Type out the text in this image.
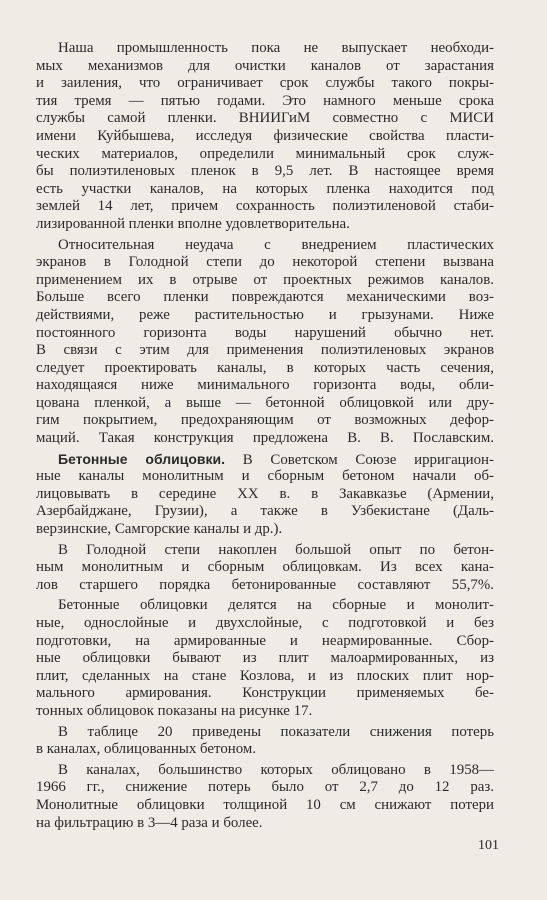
Наша промышленность пока не выпускает необходи-
мых механизмов для очистки каналов от зарастания
и заиления, что ограничивает срок службы такого покры-
тия тремя — пятью годами. Это намного меньше срока
службы самой пленки. ВНИИГиМ совместно с МИСИ
имени Куйбышева, исследуя физические свойства пласти-
ческих материалов, определили минимальный срок служ-
бы полиэтиленовых пленок в 9,5 лет. В настоящее время
есть участки каналов, на которых пленка находится под
землей 14 лет, причем сохранность полиэтиленовой стаби-
лизированной пленки вполне удовлетворительна.
Относительная неудача с внедрением пластических
экранов в Голодной степи до некоторой степени вызвана
применением их в отрыве от проектных режимов каналов.
Больше всего пленки повреждаются механическими воз-
действиями, реже растительностью и грызунами. Ниже
постоянного горизонта воды нарушений обычно нет.
В связи с этим для применения полиэтиленовых экранов
следует проектировать каналы, в которых часть сечения,
находящаяся ниже минимального горизонта воды, обли-
цована пленкой, а выше — бетонной облицовкой или дру-
гим покрытием, предохраняющим от возможных дефор-
маций. Такая конструкция предложена В. В. Пославским.
Бетонные облицовки. В Советском Союзе ирригацион-
ные каналы монолитным и сборным бетоном начали об-
лицовывать в середине XX в. в Закавказье (Армении,
Азербайджане, Грузии), а также в Узбекистане (Даль-
верзинские, Самгорские каналы и др.).
В Голодной степи накоплен большой опыт по бетон-
ным монолитным и сборным облицовкам. Из всех кана-
лов старшего порядка бетонированные составляют 55,7%.
Бетонные облицовки делятся на сборные и монолит-
ные, однослойные и двухслойные, с подготовкой и без
подготовки, на армированные и неармированные. Сбор-
ные облицовки бывают из плит малоармированных, из
плит, сделанных на стане Козлова, и из плоских плит нор-
мального армирования. Конструкции применяемых бе-
тонных облицовок показаны на рисунке 17.
В таблице 20 приведены показатели снижения потерь
в каналах, облицованных бетоном.
В каналах, большинство которых облицовано в 1958—
1966 гг., снижение потерь было от 2,7 до 12 раз.
Монолитные облицовки толщиной 10 см снижают потери
на фильтрацию в 3—4 раза и более.
101
